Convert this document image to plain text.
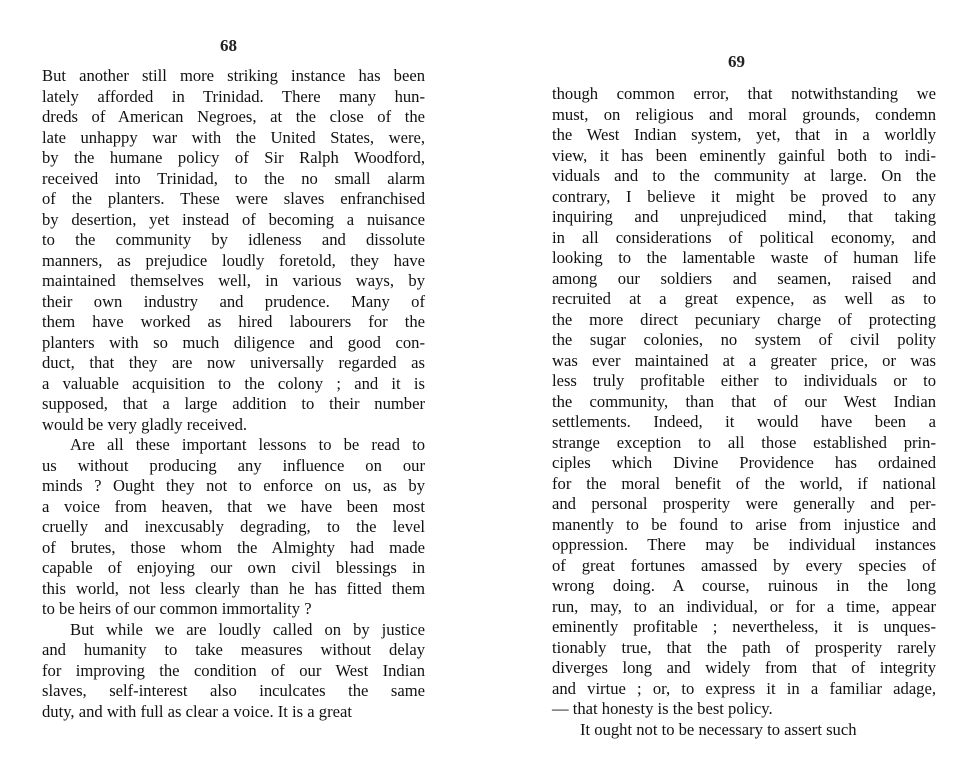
68
But another still more striking instance has been
lately afforded in Trinidad. There many hun-
dreds of American Negroes, at the close of the
late unhappy war with the United States, were,
by the humane policy of Sir Ralph Woodford,
received into Trinidad, to the no small alarm
of the planters. These were slaves enfranchised
by desertion, yet instead of becoming a nuisance
to the community by idleness and dissolute
manners, as prejudice loudly foretold, they have
maintained themselves well, in various ways, by
their own industry and prudence. Many of
them have worked as hired labourers for the
planters with so much diligence and good con-
duct, that they are now universally regarded as
a valuable acquisition to the colony ; and it is
supposed, that a large addition to their number
would be very gladly received.
Are all these important lessons to be read to
us without producing any influence on our
minds ? Ought they not to enforce on us, as by
a voice from heaven, that we have been most
cruelly and inexcusably degrading, to the level
of brutes, those whom the Almighty had made
capable of enjoying our own civil blessings in
this world, not less clearly than he has fitted them
to be heirs of our common immortality ?
But while we are loudly called on by justice
and humanity to take measures without delay
for improving the condition of our West Indian
slaves, self-interest also inculcates the same
duty, and with full as clear a voice. It is a great
69
though common error, that notwithstanding we
must, on religious and moral grounds, condemn
the West Indian system, yet, that in a worldly
view, it has been eminently gainful both to indi-
viduals and to the community at large. On the
contrary, I believe it might be proved to any
inquiring and unprejudiced mind, that taking
in all considerations of political economy, and
looking to the lamentable waste of human life
among our soldiers and seamen, raised and
recruited at a great expence, as well as to
the more direct pecuniary charge of protecting
the sugar colonies, no system of civil polity
was ever maintained at a greater price, or was
less truly profitable either to individuals or to
the community, than that of our West Indian
settlements. Indeed, it would have been a
strange exception to all those established prin-
ciples which Divine Providence has ordained
for the moral benefit of the world, if national
and personal prosperity were generally and per-
manently to be found to arise from injustice and
oppression. There may be individual instances
of great fortunes amassed by every species of
wrong doing. A course, ruinous in the long
run, may, to an individual, or for a time, appear
eminently profitable ; nevertheless, it is unques-
tionably true, that the path of prosperity rarely
diverges long and widely from that of integrity
and virtue ; or, to express it in a familiar adage,
— that honesty is the best policy.
It ought not to be necessary to assert such
